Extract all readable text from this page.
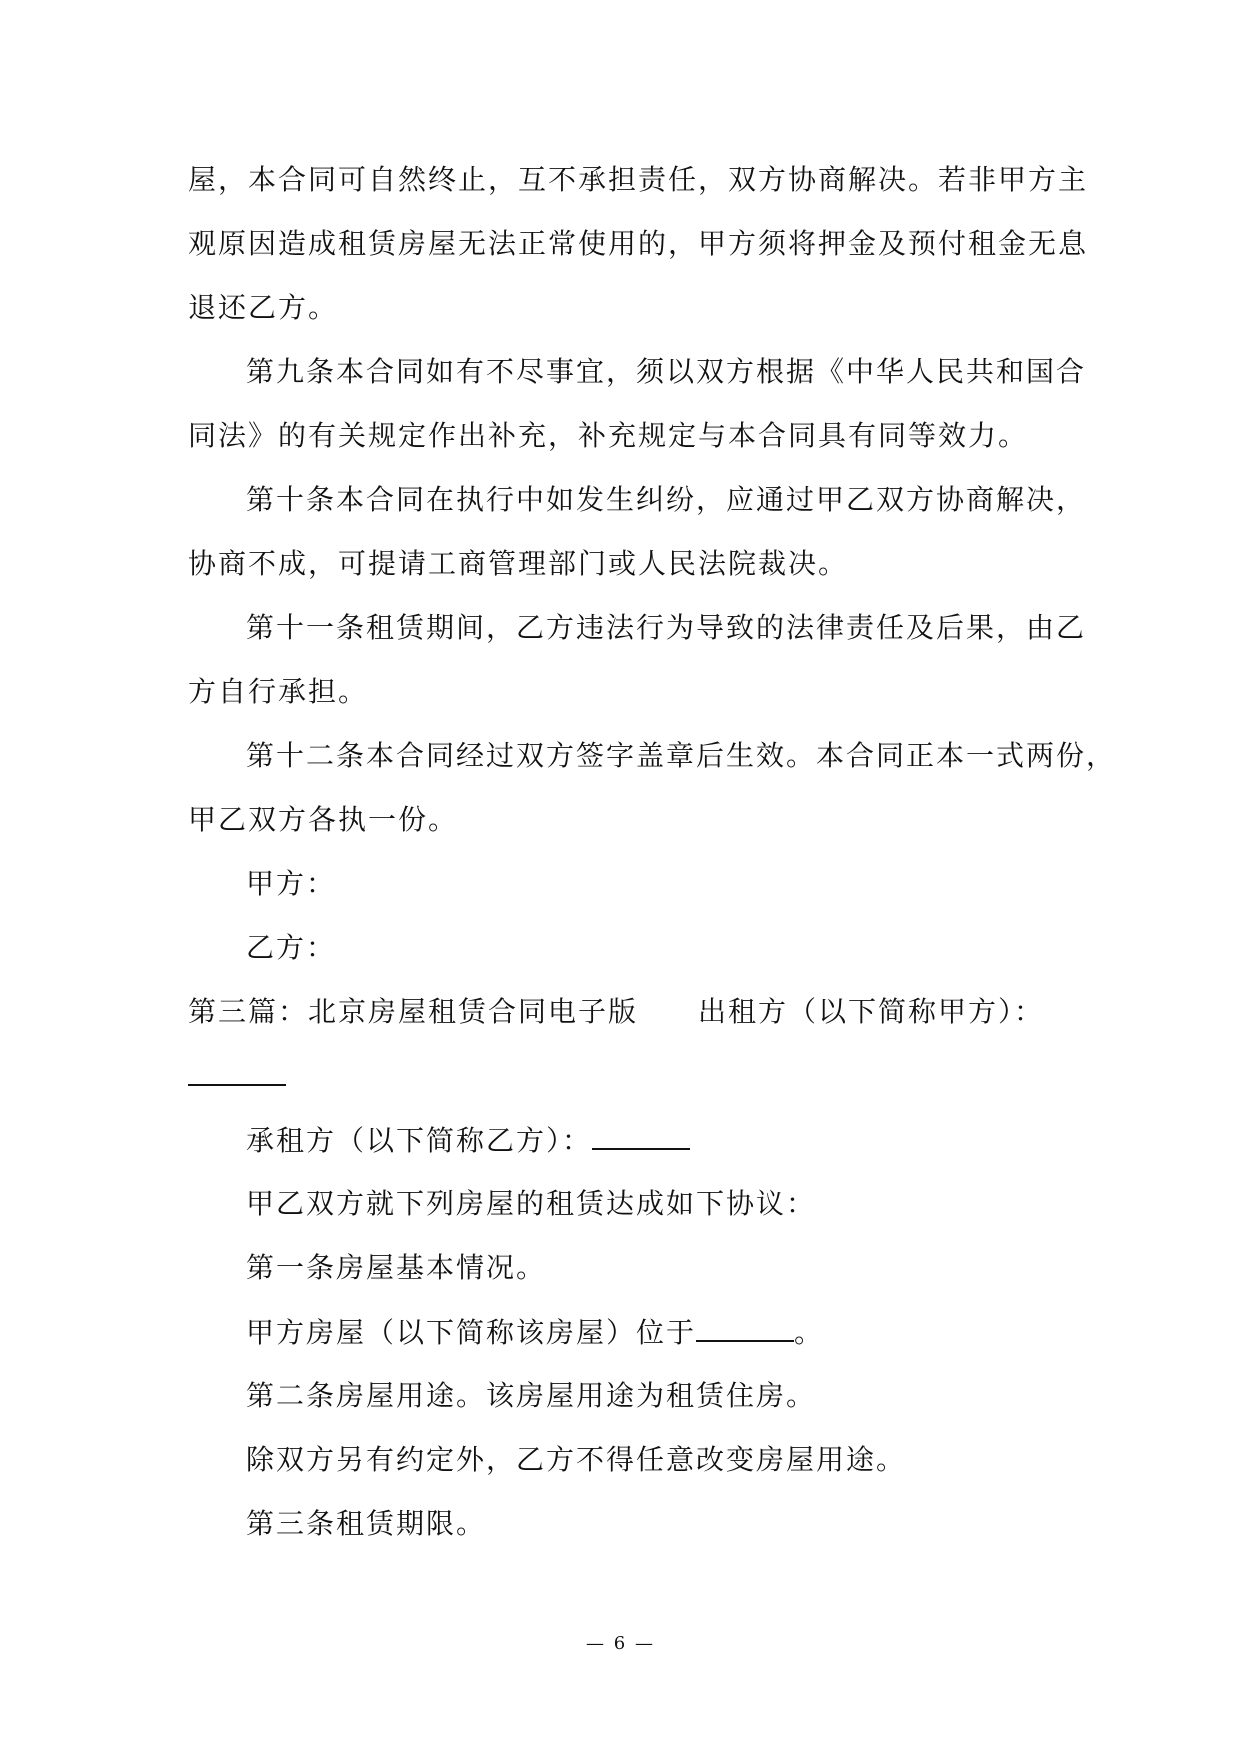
屋，本合同可自然终止，互不承担责任，双方协商解决。若非甲方主
观原因造成租赁房屋无法正常使用的，甲方须将押金及预付租金无息
退还乙方。
第九条本合同如有不尽事宜，须以双方根据《中华人民共和国合
同法》的有关规定作出补充，补充规定与本合同具有同等效力。
第十条本合同在执行中如发生纠纷，应通过甲乙双方协商解决，
协商不成，可提请工商管理部门或人民法院裁决。
第十一条租赁期间，乙方违法行为导致的法律责任及后果，由乙
方自行承担。
第十二条本合同经过双方签字盖章后生效。本合同正本一式两份，
甲乙双方各执一份。
甲方：
乙方：
第三篇：北京房屋租赁合同电子版 出租方（以下简称甲方）：
承租方（以下简称乙方）：
甲乙双方就下列房屋的租赁达成如下协议：
第一条房屋基本情况。
甲方房屋（以下简称该房屋）位于	。
第二条房屋用途。该房屋用途为租赁住房。
除双方另有约定外，乙方不得任意改变房屋用途。
第三条租赁期限。
— 6 —
